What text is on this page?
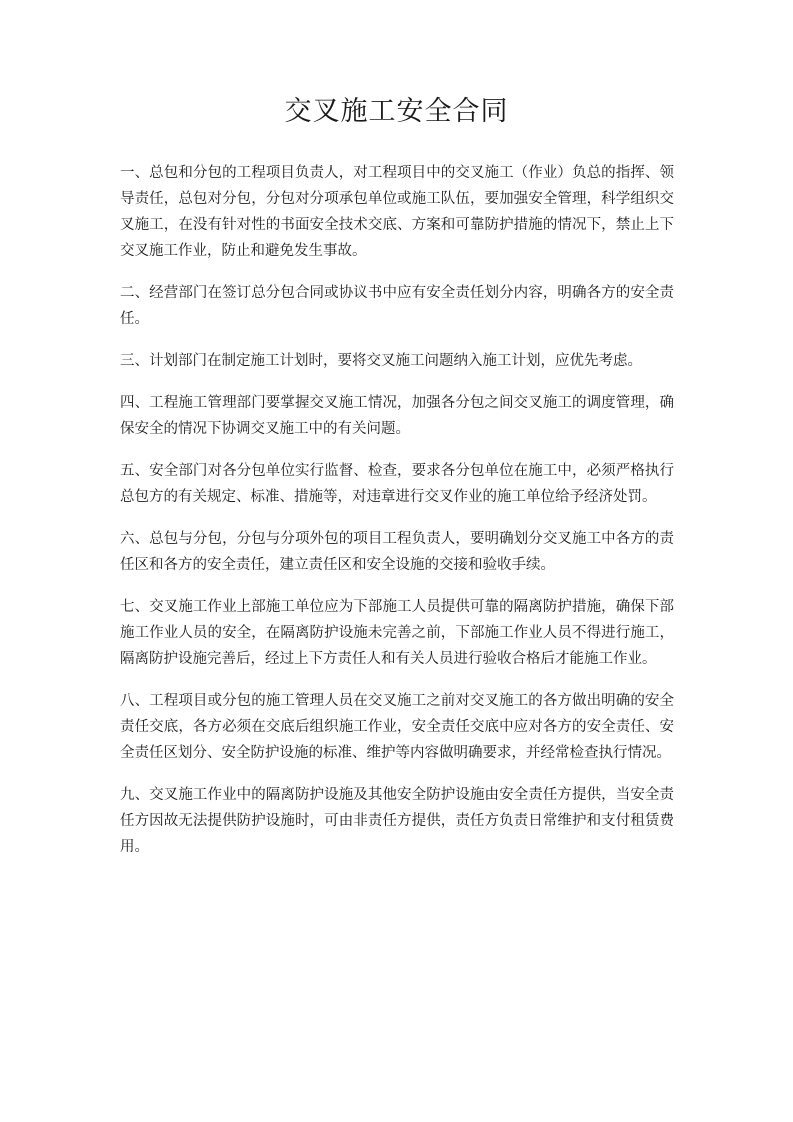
交叉施工安全合同

一、总包和分包的工程项目负责人，对工程项目中的交叉施工（作业）负总的指挥、领导责任，总包对分包，分包对分项承包单位或施工队伍，要加强安全管理，科学组织交叉施工，在没有针对性的书面安全技术交底、方案和可靠防护措施的情况下，禁止上下交叉施工作业，防止和避免发生事故。

二、经营部门在签订总分包合同或协议书中应有安全责任划分内容，明确各方的安全责任。

三、计划部门在制定施工计划时，要将交叉施工问题纳入施工计划，应优先考虑。

四、工程施工管理部门要掌握交叉施工情况，加强各分包之间交叉施工的调度管理，确保安全的情况下协调交叉施工中的有关问题。

五、安全部门对各分包单位实行监督、检查，要求各分包单位在施工中，必须严格执行总包方的有关规定、标准、措施等，对违章进行交叉作业的施工单位给予经济处罚。

六、总包与分包，分包与分项外包的项目工程负责人，要明确划分交叉施工中各方的责任区和各方的安全责任，建立责任区和安全设施的交接和验收手续。

七、交叉施工作业上部施工单位应为下部施工人员提供可靠的隔离防护措施，确保下部施工作业人员的安全，在隔离防护设施未完善之前，下部施工作业人员不得进行施工，隔离防护设施完善后，经过上下方责任人和有关人员进行验收合格后才能施工作业。

八、工程项目或分包的施工管理人员在交叉施工之前对交叉施工的各方做出明确的安全责任交底，各方必须在交底后组织施工作业，安全责任交底中应对各方的安全责任、安全责任区划分、安全防护设施的标准、维护等内容做明确要求，并经常检查执行情况。

九、交叉施工作业中的隔离防护设施及其他安全防护设施由安全责任方提供，当安全责任方因故无法提供防护设施时，可由非责任方提供，责任方负责日常维护和支付租赁费用。
